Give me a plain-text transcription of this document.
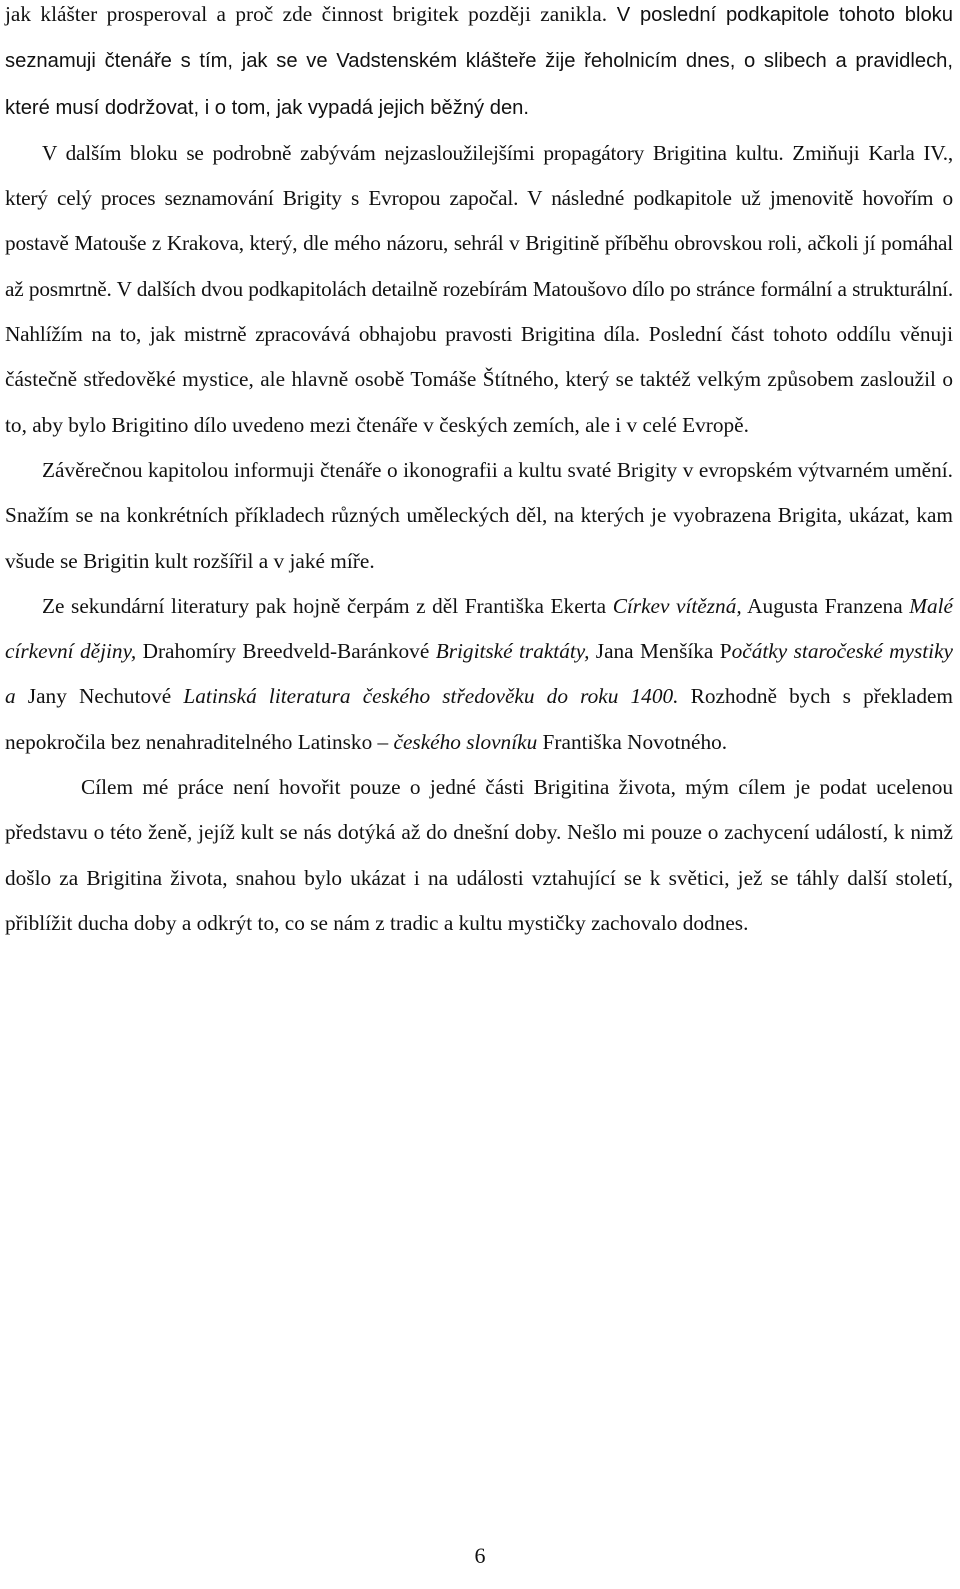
jak klášter prosperoval a proč zde činnost brigitek později zanikla. V poslední podkapitole tohoto bloku seznamuji čtenáře s tím, jak se ve Vadstenském klášteře žije řeholnicím dnes, o slibech a pravidlech, které musí dodržovat, i o tom, jak vypadá jejich běžný den.

V dalším bloku se podrobně zabývám nejzasloužilejšími propagátory Brigitina kultu. Zmiňuji Karla IV., který celý proces seznamování Brigity s Evropou započal. V následné podkapitole už jmenovitě hovořím o postavě Matouše z Krakova, který, dle mého názoru, sehrál v Brigitině příběhu obrovskou roli, ačkoli jí pomáhal až posmrtně. V dalších dvou podkapitolách detailně rozebírám Matoušovo dílo po stránce formální a strukturální. Nahlížím na to, jak mistrně zpracovává obhajobu pravosti Brigitina díla. Poslední část tohoto oddílu věnuji částečně středověké mystice, ale hlavně osobě Tomáše Štítného, který se taktéž velkým způsobem zasloužil o to, aby bylo Brigitino dílo uvedeno mezi čtenáře v českých zemích, ale i v celé Evropě.

Závěrečnou kapitolou informuji čtenáře o ikonografii a kultu svaté Brigity v evropském výtvarném umění. Snažím se na konkrétních příkladech různých uměleckých děl, na kterých je vyobrazena Brigita, ukázat, kam všude se Brigitin kult rozšířil a v jaké míře.

Ze sekundární literatury pak hojně čerpám z děl Františka Ekerta Církev vítězná, Augusta Franzena Malé církevní dějiny, Drahomíry Breedveld-Baránkové Brigitské traktáty, Jana Menšíka Počátky staročeské mystiky a Jany Nechutové Latinská literatura českého středověku do roku 1400. Rozhodně bych s překladem nepokročila bez nenahraditelného Latinsko – českého slovníku Františka Novotného.

Cílem mé práce není hovořit pouze o jedné části Brigitina života, mým cílem je podat ucelenou představu o této ženě, jejíž kult se nás dotýká až do dnešní doby. Nešlo mi pouze o zachycení událostí, k nimž došlo za Brigitina života, snahou bylo ukázat i na události vztahující se k světici, jež se táhly další století, přiblížit ducha doby a odkrýt to, co se nám z tradic a kultu mystičky zachovalo dodnes.

6
